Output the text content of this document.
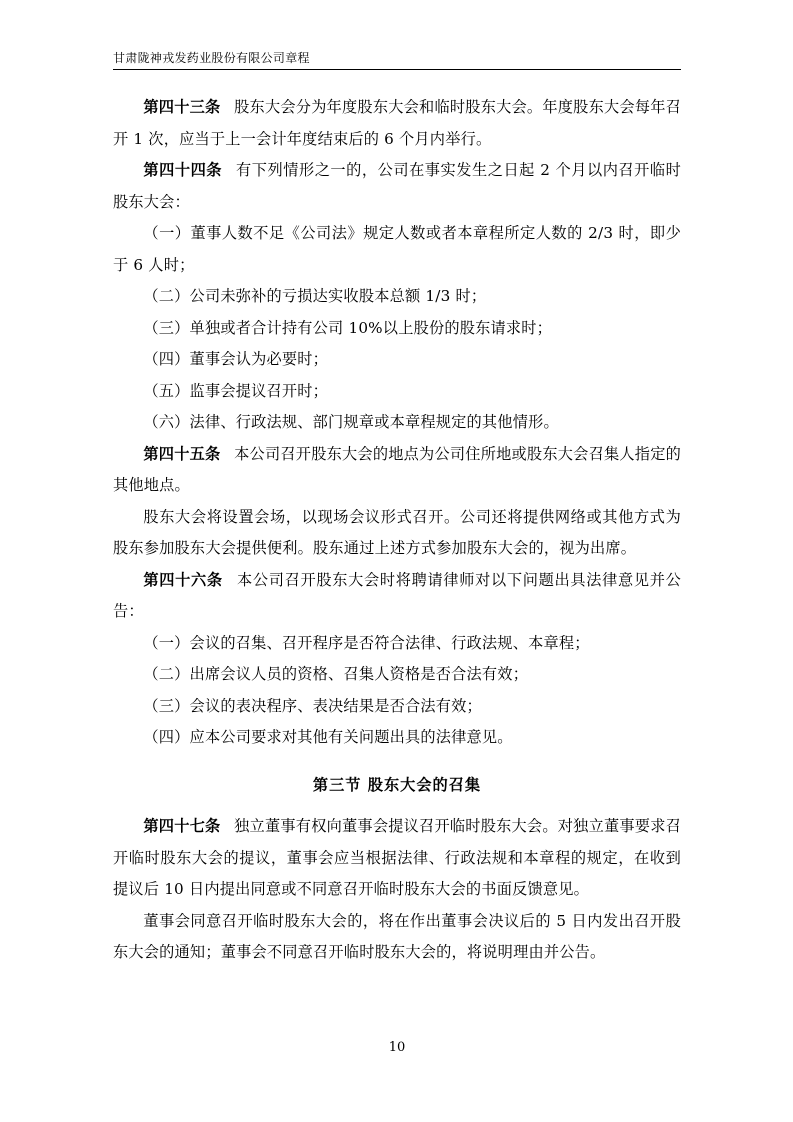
甘肃陇神戎发药业股份有限公司章程

第四十三条 股东大会分为年度股东大会和临时股东大会。年度股东大会每年召开 1 次，应当于上一会计年度结束后的 6 个月内举行。

第四十四条 有下列情形之一的，公司在事实发生之日起 2 个月以内召开临时股东大会：

（一）董事人数不足《公司法》规定人数或者本章程所定人数的 2/3 时，即少于 6 人时；

（二）公司未弥补的亏损达实收股本总额 1/3 时；

（三）单独或者合计持有公司 10%以上股份的股东请求时；

（四）董事会认为必要时；

（五）监事会提议召开时；

（六）法律、行政法规、部门规章或本章程规定的其他情形。

第四十五条 本公司召开股东大会的地点为公司住所地或股东大会召集人指定的其他地点。

股东大会将设置会场，以现场会议形式召开。公司还将提供网络或其他方式为股东参加股东大会提供便利。股东通过上述方式参加股东大会的，视为出席。

第四十六条 本公司召开股东大会时将聘请律师对以下问题出具法律意见并公告：

（一）会议的召集、召开程序是否符合法律、行政法规、本章程；

（二）出席会议人员的资格、召集人资格是否合法有效；

（三）会议的表决程序、表决结果是否合法有效；

（四）应本公司要求对其他有关问题出具的法律意见。

第三节 股东大会的召集

第四十七条 独立董事有权向董事会提议召开临时股东大会。对独立董事要求召开临时股东大会的提议，董事会应当根据法律、行政法规和本章程的规定，在收到提议后 10 日内提出同意或不同意召开临时股东大会的书面反馈意见。

董事会同意召开临时股东大会的，将在作出董事会决议后的 5 日内发出召开股东大会的通知；董事会不同意召开临时股东大会的，将说明理由并公告。

10
